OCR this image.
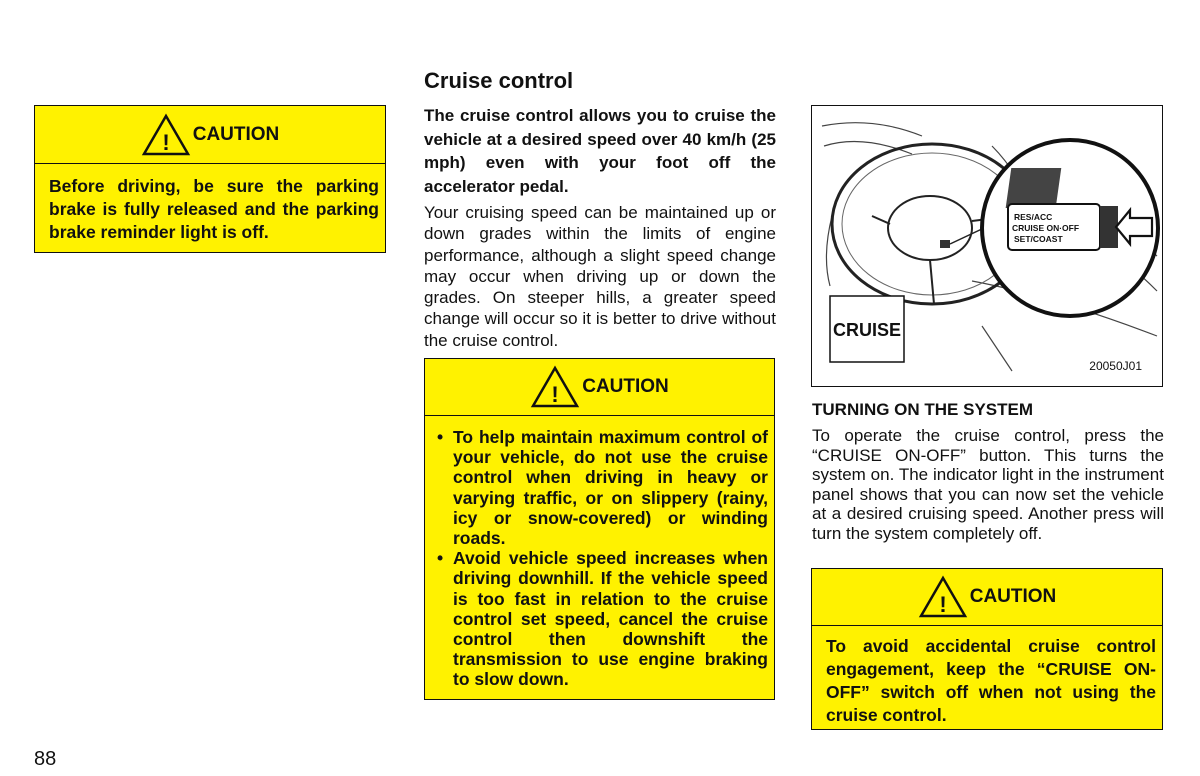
! CAUTION

Before driving, be sure the parking brake is fully released and the parking brake reminder light is off.

Cruise control
The cruise control allows you to cruise the vehicle at a desired speed over 40 km/h (25 mph) even with your foot off the accelerator pedal.
Your cruising speed can be maintained up or down grades within the limits of engine performance, although a slight speed change may occur when driving up or down the grades. On steeper hills, a greater speed change will occur so it is better to drive without the cruise control.
! CAUTION
• To help maintain maximum control of your vehicle, do not use the cruise control when driving in heavy or varying traffic, or on slippery (rainy, icy or snow-covered) or winding roads.
• Avoid vehicle speed increases when driving downhill. If the vehicle speed is too fast in relation to the cruise control set speed, cancel the cruise control then downshift the transmission to use engine braking to slow down.
RES/ACC
CRUISE ON·OFF
SET/COAST
CRUISE
20050J01
TURNING ON THE SYSTEM
To operate the cruise control, press the “CRUISE ON-OFF” button. This turns the system on. The indicator light in the instrument panel shows that you can now set the vehicle at a desired cruising speed. Another press will turn the system completely off.
! CAUTION

To avoid accidental cruise control engagement, keep the “CRUISE ON-OFF” switch off when not using the cruise control.

88
